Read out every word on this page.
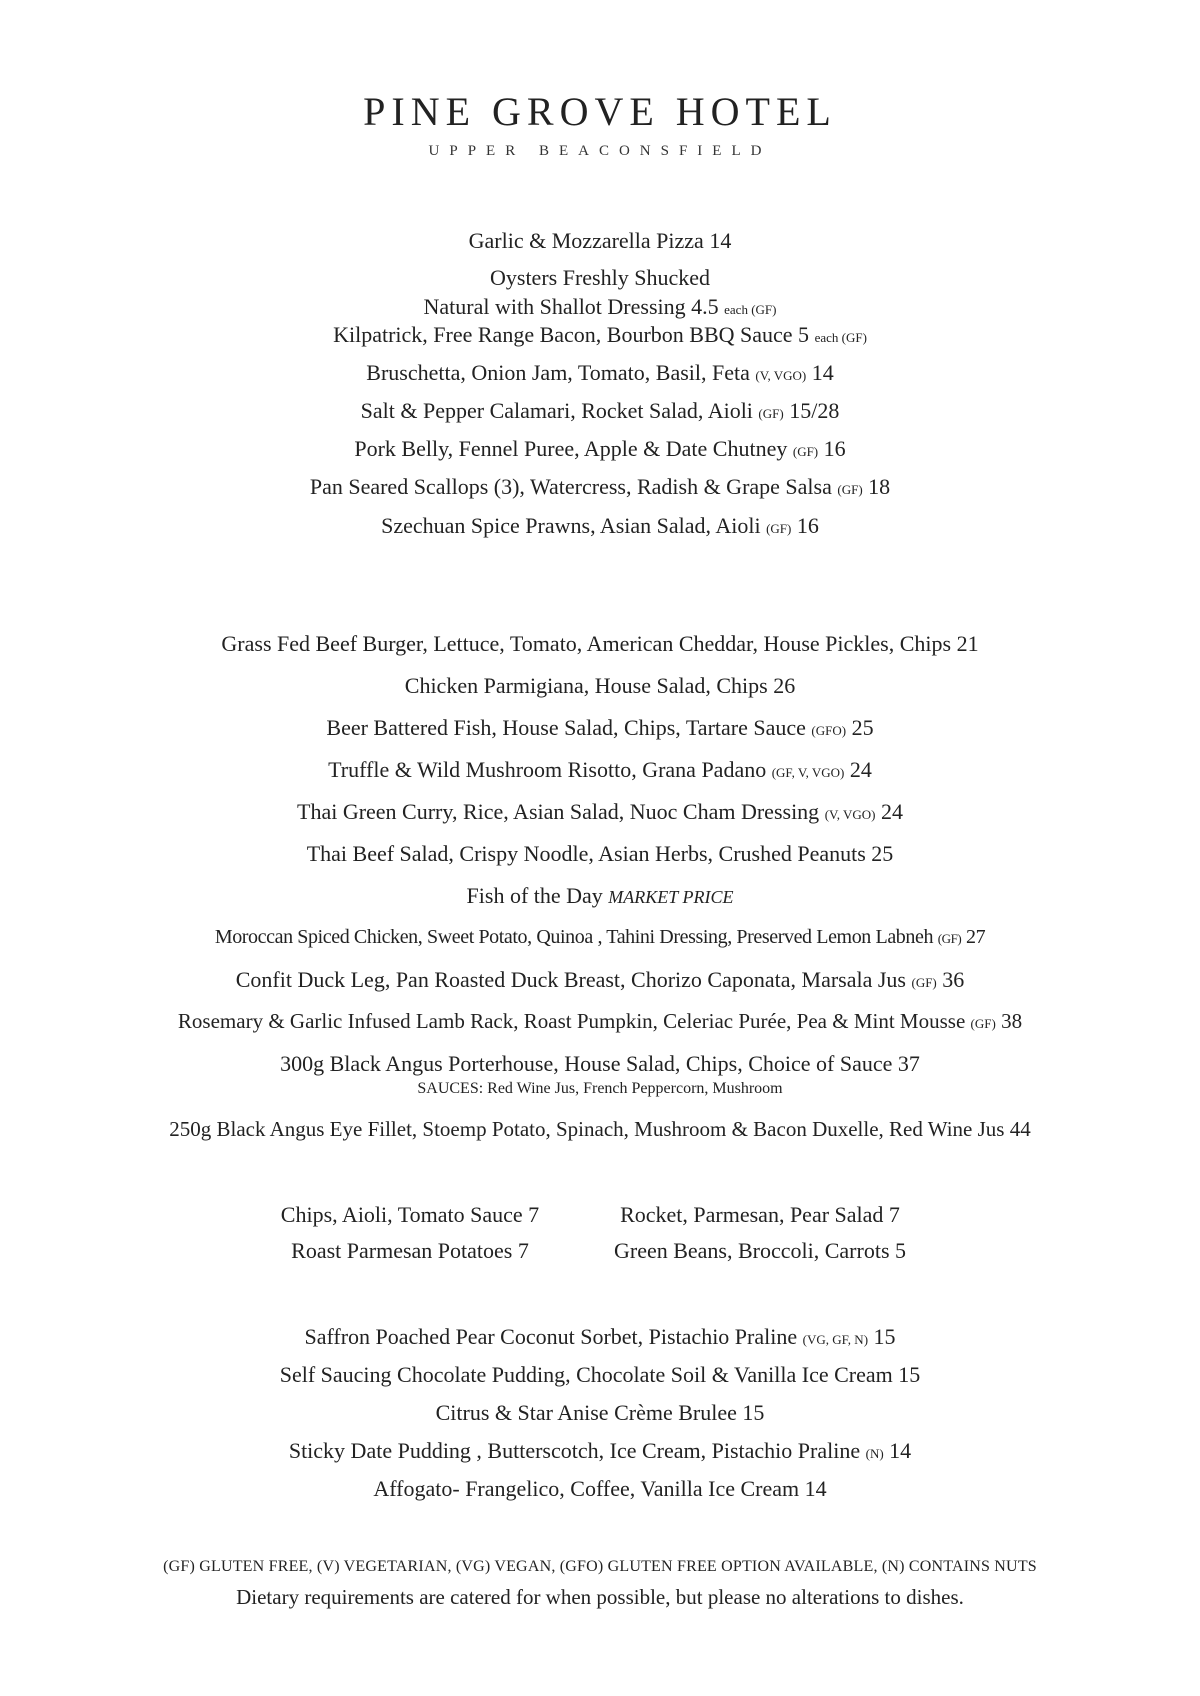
PINE GROVE HOTEL
UPPER BEACONSFIELD
Garlic & Mozzarella Pizza 14
Oysters Freshly Shucked
Natural with Shallot Dressing 4.5 each (GF)
Kilpatrick, Free Range Bacon, Bourbon BBQ Sauce 5 each (GF)
Bruschetta, Onion Jam, Tomato, Basil, Feta (V, VGO) 14
Salt & Pepper Calamari, Rocket Salad, Aioli (GF) 15/28
Pork Belly, Fennel Puree, Apple & Date Chutney (GF) 16
Pan Seared Scallops (3), Watercress, Radish & Grape Salsa (GF) 18
Szechuan Spice Prawns, Asian Salad, Aioli (GF) 16
Grass Fed Beef Burger, Lettuce, Tomato, American Cheddar, House Pickles, Chips 21
Chicken Parmigiana, House Salad, Chips 26
Beer Battered Fish, House Salad, Chips, Tartare Sauce (GFO) 25
Truffle & Wild Mushroom Risotto, Grana Padano (GF, V, VGO) 24
Thai Green Curry, Rice, Asian Salad, Nuoc Cham Dressing (V, VGO) 24
Thai Beef Salad, Crispy Noodle, Asian Herbs, Crushed Peanuts 25
Fish of the Day MARKET PRICE
Moroccan Spiced Chicken, Sweet Potato, Quinoa , Tahini Dressing, Preserved Lemon Labneh (GF) 27
Confit Duck Leg, Pan Roasted Duck Breast, Chorizo Caponata, Marsala Jus (GF) 36
Rosemary & Garlic Infused Lamb Rack, Roast Pumpkin, Celeriac Purée, Pea & Mint Mousse (GF) 38
300g Black Angus Porterhouse, House Salad, Chips, Choice of Sauce 37
SAUCES: Red Wine Jus, French Peppercorn, Mushroom
250g Black Angus Eye Fillet, Stoemp Potato, Spinach, Mushroom & Bacon Duxelle, Red Wine Jus 44
Chips, Aioli, Tomato Sauce 7	Rocket, Parmesan, Pear Salad 7
Roast Parmesan Potatoes 7	Green Beans, Broccoli, Carrots 5
Saffron Poached Pear Coconut Sorbet, Pistachio Praline (VG, GF, N) 15
Self Saucing Chocolate Pudding, Chocolate Soil & Vanilla Ice Cream 15
Citrus & Star Anise Crème Brulee 15
Sticky Date Pudding , Butterscotch, Ice Cream, Pistachio Praline (N) 14
Affogato- Frangelico, Coffee, Vanilla Ice Cream 14
(GF) GLUTEN FREE, (V) VEGETARIAN, (VG) VEGAN, (GFO) GLUTEN FREE OPTION AVAILABLE, (N) CONTAINS NUTS
Dietary requirements are catered for when possible, but please no alterations to dishes.
